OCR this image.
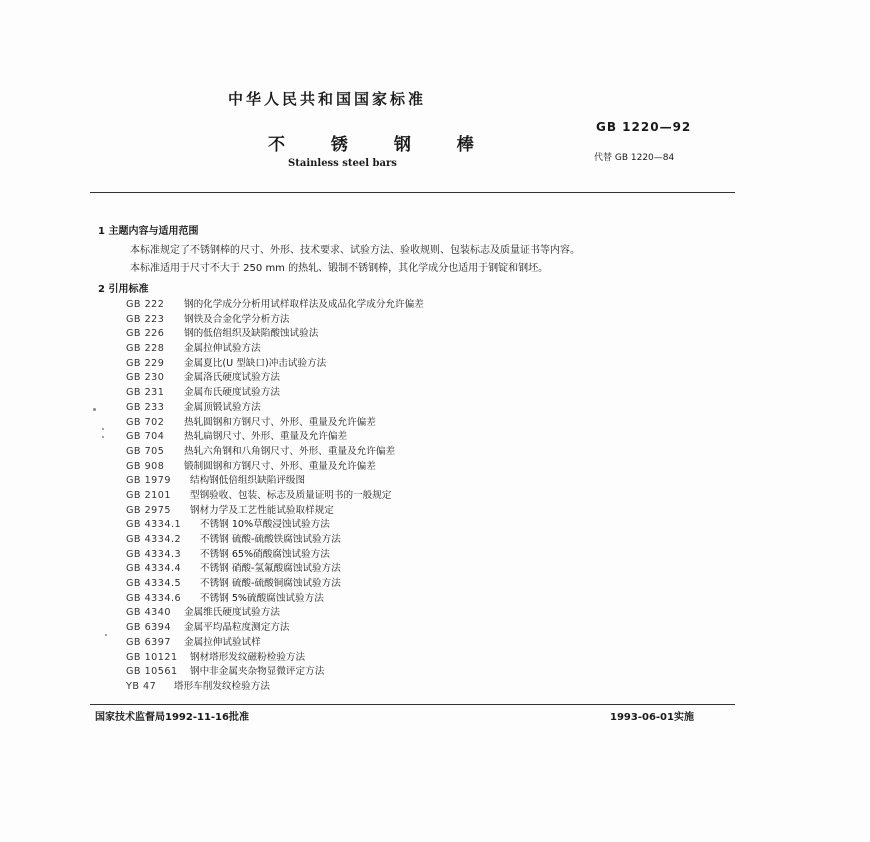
中华人民共和国国家标准
不 锈 钢 棒
Stainless steel bars
GB 1220—92
代替 GB 1220—84
1 主题内容与适用范围
本标准规定了不锈钢棒的尺寸、外形、技术要求、试验方法、验收规则、包装标志及质量证书等内容。
本标准适用于尺寸不大于 250 mm 的热轧、锻制不锈钢棒，其化学成分也适用于钢锭和钢坯。
2 引用标准
GB 222	钢的化学成分分析用试样取样法及成品化学成分允许偏差
GB 223	钢铁及合金化学分析方法
GB 226	钢的低倍组织及缺陷酸蚀试验法
GB 228	金属拉伸试验方法
GB 229	金属夏比(U 型缺口)冲击试验方法
GB 230	金属洛氏硬度试验方法
GB 231	金属布氏硬度试验方法
GB 233	金属顶锻试验方法
GB 702	热轧圆钢和方钢尺寸、外形、重量及允许偏差
GB 704	热轧扁钢尺寸、外形、重量及允许偏差
GB 705	热轧六角钢和八角钢尺寸、外形、重量及允许偏差
GB 908	锻制圆钢和方钢尺寸、外形、重量及允许偏差
GB 1979	结构钢低倍组织缺陷评级图
GB 2101	型钢验收、包装、标志及质量证明书的一般规定
GB 2975	钢材力学及工艺性能试验取样规定
GB 4334.1	不锈钢 10%草酸浸蚀试验方法
GB 4334.2	不锈钢 硫酸-硫酸铁腐蚀试验方法
GB 4334.3	不锈钢 65%硝酸腐蚀试验方法
GB 4334.4	不锈钢 硝酸-氢氟酸腐蚀试验方法
GB 4334.5	不锈钢 硫酸-硫酸铜腐蚀试验方法
GB 4334.6	不锈钢 5%硫酸腐蚀试验方法
GB 4340	金属维氏硬度试验方法
GB 6394	金属平均晶粒度测定方法
GB 6397	金属拉伸试验试样
GB 10121	钢材塔形发纹磁粉检验方法
GB 10561	钢中非金属夹杂物显微评定方法
YB 47	塔形车削发纹检验方法
国家技术监督局1992-11-16批准	1993-06-01实施
